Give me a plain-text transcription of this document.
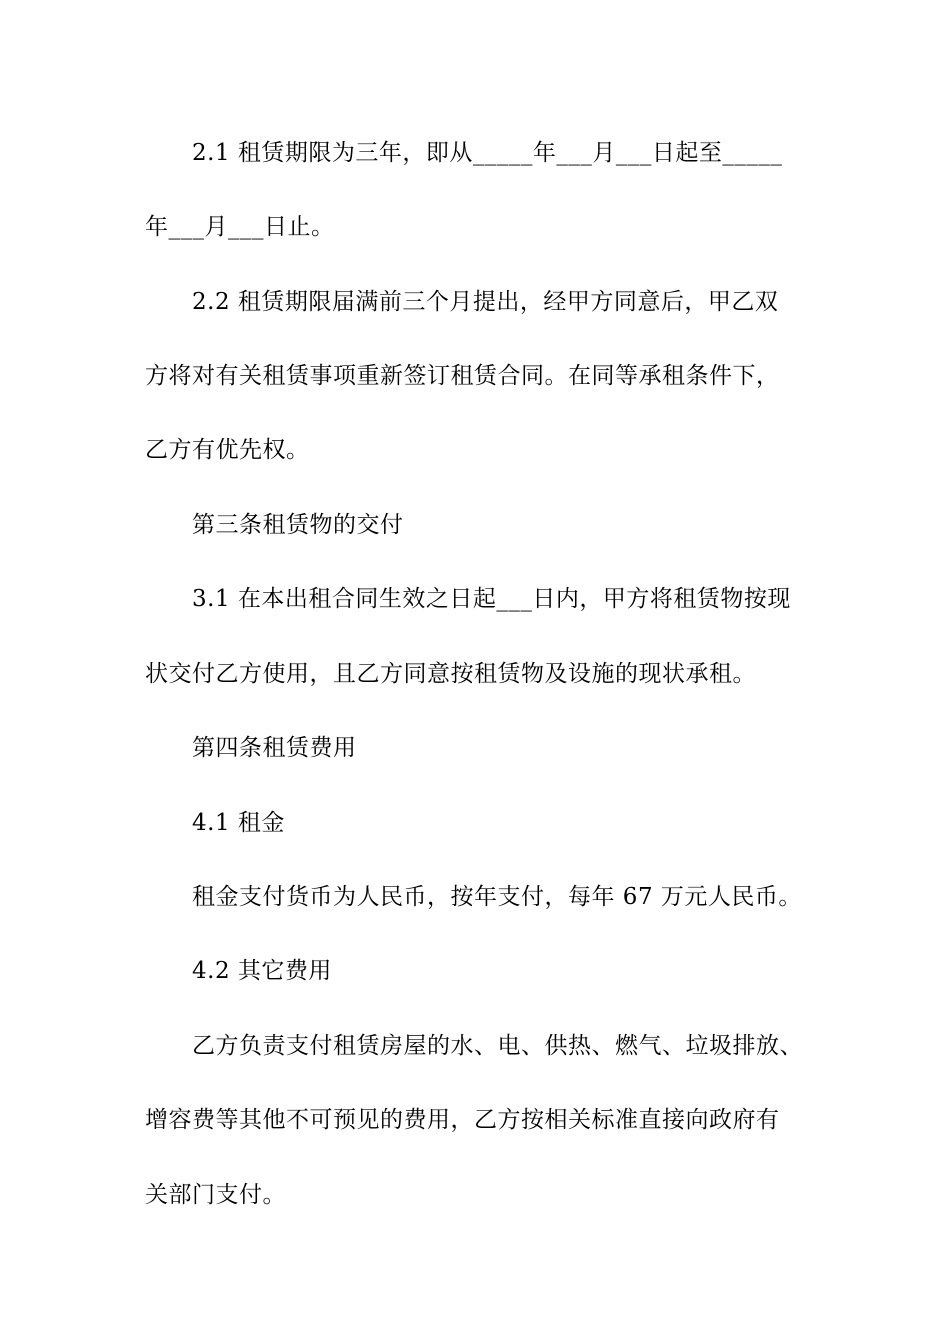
2.1 租赁期限为三年，即从_____年___月___日起至_____
年___月___日止。
2.2 租赁期限届满前三个月提出，经甲方同意后，甲乙双
方将对有关租赁事项重新签订租赁合同。在同等承租条件下，
乙方有优先权。
第三条租赁物的交付
3.1 在本出租合同生效之日起___日内，甲方将租赁物按现
状交付乙方使用，且乙方同意按租赁物及设施的现状承租。
第四条租赁费用
4.1 租金
租金支付货币为人民币，按年支付，每年 67 万元人民币。
4.2 其它费用
乙方负责支付租赁房屋的水、电、供热、燃气、垃圾排放、
增容费等其他不可预见的费用，乙方按相关标准直接向政府有
关部门支付。
